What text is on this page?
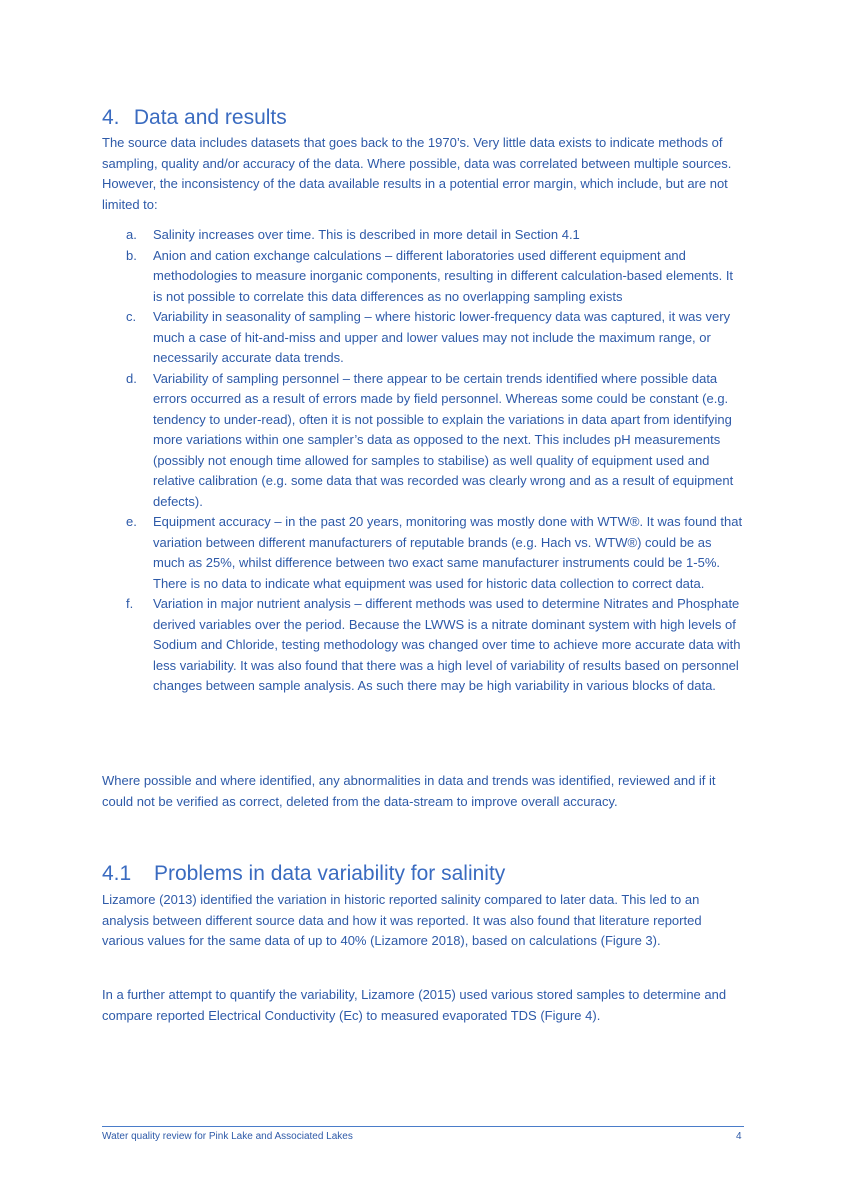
4. Data and results

The source data includes datasets that goes back to the 1970’s. Very little data exists to indicate methods of sampling, quality and/or accuracy of the data. Where possible, data was correlated between multiple sources. However, the inconsistency of the data available results in a potential error margin, which include, but are not limited to:

a. Salinity increases over time. This is described in more detail in Section 4.1
b. Anion and cation exchange calculations – different laboratories used different equipment and methodologies to measure inorganic components, resulting in different calculation-based elements. It is not possible to correlate this data differences as no overlapping sampling exists
c. Variability in seasonality of sampling – where historic lower-frequency data was captured, it was very much a case of hit-and-miss and upper and lower values may not include the maximum range, or necessarily accurate data trends.
d. Variability of sampling personnel – there appear to be certain trends identified where possible data errors occurred as a result of errors made by field personnel. Whereas some could be constant (e.g. tendency to under-read), often it is not possible to explain the variations in data apart from identifying more variations within one sampler’s data as opposed to the next. This includes pH measurements (possibly not enough time allowed for samples to stabilise) as well quality of equipment used and relative calibration (e.g. some data that was recorded was clearly wrong and as a result of equipment defects).
e. Equipment accuracy – in the past 20 years, monitoring was mostly done with WTW®. It was found that variation between different manufacturers of reputable brands (e.g. Hach vs. WTW®) could be as much as 25%, whilst difference between two exact same manufacturer instruments could be 1-5%. There is no data to indicate what equipment was used for historic data collection to correct data.
f. Variation in major nutrient analysis – different methods was used to determine Nitrates and Phosphate derived variables over the period. Because the LWWS is a nitrate dominant system with high levels of Sodium and Chloride, testing methodology was changed over time to achieve more accurate data with less variability. It was also found that there was a high level of variability of results based on personnel changes between sample analysis. As such there may be high variability in various blocks of data.

Where possible and where identified, any abnormalities in data and trends was identified, reviewed and if it could not be verified as correct, deleted from the data-stream to improve overall accuracy.

4.1 Problems in data variability for salinity

Lizamore (2013) identified the variation in historic reported salinity compared to later data. This led to an analysis between different source data and how it was reported. It was also found that literature reported various values for the same data of up to 40% (Lizamore 2018), based on calculations (Figure 3).

In a further attempt to quantify the variability, Lizamore (2015) used various stored samples to determine and compare reported Electrical Conductivity (Ec) to measured evaporated TDS (Figure 4).

Water quality review for Pink Lake and Associated Lakes	4
